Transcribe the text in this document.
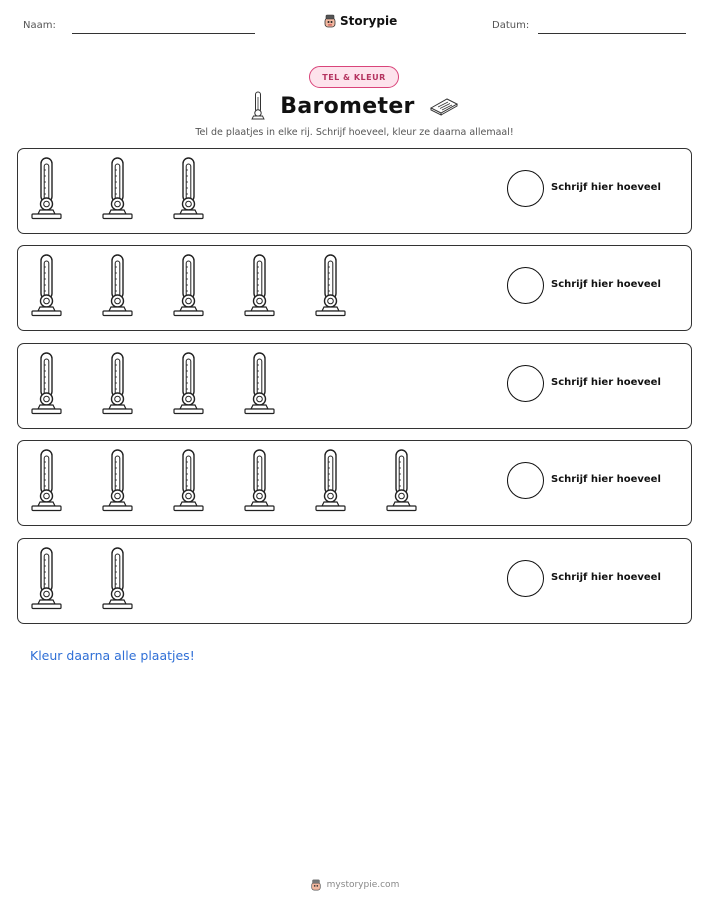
Naam:	Storypie	Datum:
TEL & KLEUR
Barometer
Tel de plaatjes in elke rij. Schrijf hoeveel, kleur ze daarna allemaal!
Schrijf hier hoeveel
Schrijf hier hoeveel
Schrijf hier hoeveel
Schrijf hier hoeveel
Schrijf hier hoeveel
Kleur daarna alle plaatjes!
mystorypie.com
